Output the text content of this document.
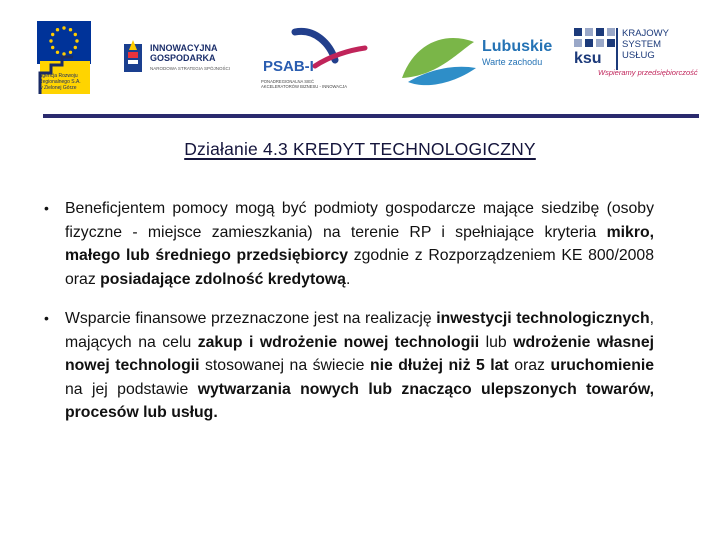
Agencja Rozwoju
Regionalnego S.A.
w Zielonej Górze
INNOWACYJNA
GOSPODARKA
NARODOWA STRATEGIA SPÓJNOŚCI PSAB-I
PONADREGIONALNA SIEĆ
AKCELERATORÓW BIZNESU - INNOWACJA
Lubuskie
Warte zachodu ksu
KRAJOWY
SYSTEM
USŁUG
Wspieramy przedsiębiorczość
Działanie 4.3 KREDYT TECHNOLOGICZNY
• Beneficjentem pomocy mogą być podmioty gospodarcze mające siedzibę (osoby fizyczne - miejsce zamieszkania) na terenie RP i spełniające kryteria mikro, małego lub średniego przedsiębiorcy zgodnie z Rozporządzeniem KE 800/2008 oraz posiadające zdolność kredytową.
• Wsparcie finansowe przeznaczone jest na realizację inwestycji technologicznych, mających na celu zakup i wdrożenie nowej technologii lub wdrożenie własnej nowej technologii stosowanej na świecie nie dłużej niż 5 lat oraz uruchomienie na jej podstawie wytwarzania nowych lub znacząco ulepszonych towarów, procesów lub usług.
